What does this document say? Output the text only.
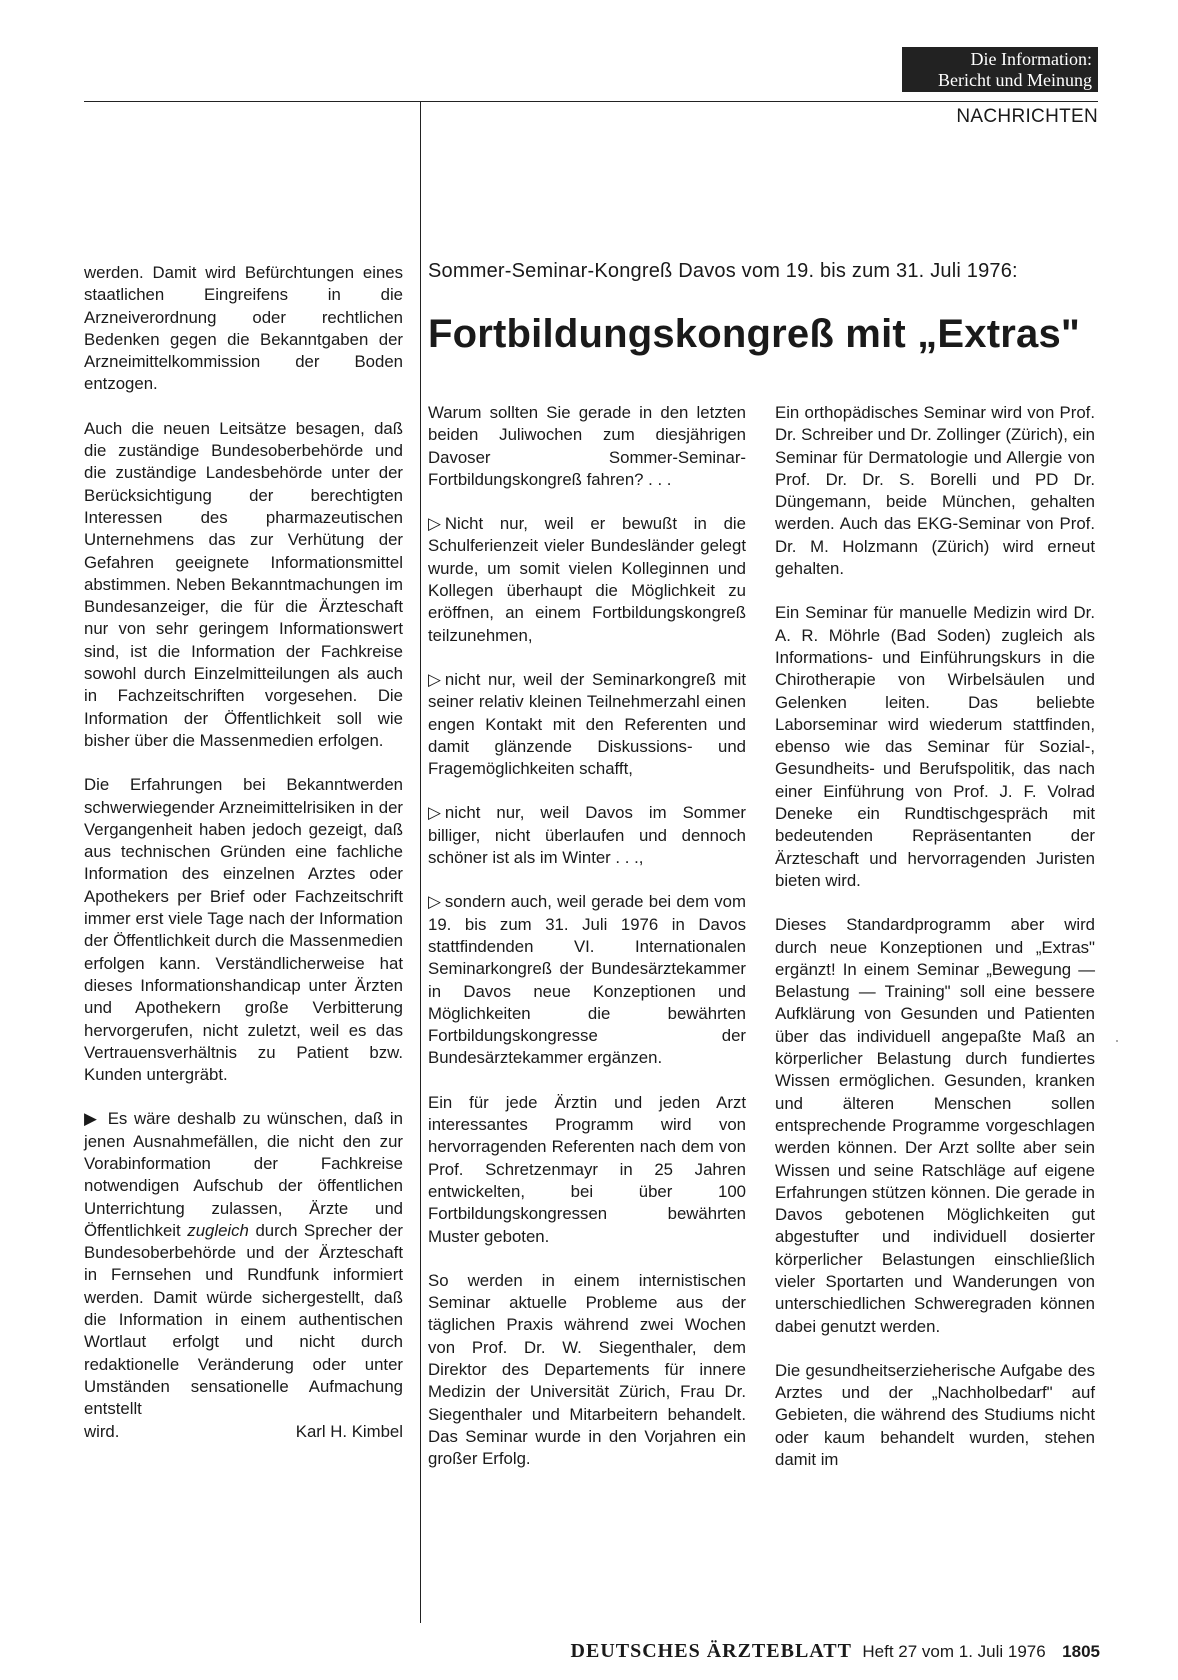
Die Information:
Bericht und Meinung
NACHRICHTEN

werden. Damit wird Befürchtungen eines staatlichen Eingreifens in die Arzneiverordnung oder rechtlichen Bedenken gegen die Bekanntgaben der Arzneimittelkommission der Boden entzogen.

Auch die neuen Leitsätze besagen, daß die zuständige Bundesoberbehörde und die zuständige Landesbehörde unter der Berücksichtigung der berechtigten Interessen des pharmazeutischen Unternehmens das zur Verhütung der Gefahren geeignete Informationsmittel abstimmen. Neben Bekanntmachungen im Bundesanzeiger, die für die Ärzteschaft nur von sehr geringem Informationswert sind, ist die Information der Fachkreise sowohl durch Einzelmitteilungen als auch in Fachzeitschriften vorgesehen. Die Information der Öffentlichkeit soll wie bisher über die Massenmedien erfolgen.

Die Erfahrungen bei Bekanntwerden schwerwiegender Arzneimittelrisiken in der Vergangenheit haben jedoch gezeigt, daß aus technischen Gründen eine fachliche Information des einzelnen Arztes oder Apothekers per Brief oder Fachzeitschrift immer erst viele Tage nach der Information der Öffentlichkeit durch die Massenmedien erfolgen kann. Verständlicherweise hat dieses Informationshandicap unter Ärzten und Apothekern große Verbitterung hervorgerufen, nicht zuletzt, weil es das Vertrauensverhältnis zu Patient bzw. Kunden untergräbt.

▶ Es wäre deshalb zu wünschen, daß in jenen Ausnahmefällen, die nicht den zur Vorabinformation der Fachkreise notwendigen Aufschub der öffentlichen Unterrichtung zulassen, Ärzte und Öffentlichkeit zugleich durch Sprecher der Bundesoberbehörde und der Ärzteschaft in Fernsehen und Rundfunk informiert werden. Damit würde sichergestellt, daß die Information in einem authentischen Wortlaut erfolgt und nicht durch redaktionelle Veränderung oder unter Umständen sensationelle Aufmachung entstellt

wird.	Karl H. Kimbel
Sommer-Seminar-Kongreß Davos vom 19. bis zum 31. Juli 1976:
Fortbildungskongreß mit „Extras"

Warum sollten Sie gerade in den letzten beiden Juliwochen zum diesjährigen Davoser Sommer-Seminar-Fortbildungskongreß fahren? . . .

▷ Nicht nur, weil er bewußt in die Schulferienzeit vieler Bundesländer gelegt wurde, um somit vielen Kolleginnen und Kollegen überhaupt die Möglichkeit zu eröffnen, an einem Fortbildungskongreß teilzunehmen,

▷ nicht nur, weil der Seminarkongreß mit seiner relativ kleinen Teilnehmerzahl einen engen Kontakt mit den Referenten und damit glänzende Diskussions- und Fragemöglichkeiten schafft,

▷ nicht nur, weil Davos im Sommer billiger, nicht überlaufen und dennoch schöner ist als im Winter . . .,

▷ sondern auch, weil gerade bei dem vom 19. bis zum 31. Juli 1976 in Davos stattfindenden VI. Internationalen Seminarkongreß der Bundesärztekammer in Davos neue Konzeptionen und Möglichkeiten die bewährten Fortbildungskongresse der Bundesärztekammer ergänzen.

Ein für jede Ärztin und jeden Arzt interessantes Programm wird von hervorragenden Referenten nach dem von Prof. Schretzenmayr in 25 Jahren entwickelten, bei über 100 Fortbildungskongressen bewährten Muster geboten.

So werden in einem internistischen Seminar aktuelle Probleme aus der täglichen Praxis während zwei Wochen von Prof. Dr. W. Siegenthaler, dem Direktor des Departements für innere Medizin der Universität Zürich, Frau Dr. Siegenthaler und Mitarbeitern behandelt. Das Seminar wurde in den Vorjahren ein großer Erfolg.

Ein orthopädisches Seminar wird von Prof. Dr. Schreiber und Dr. Zollinger (Zürich), ein Seminar für Dermatologie und Allergie von Prof. Dr. Dr. S. Borelli und PD Dr. Düngemann, beide München, gehalten werden. Auch das EKG-Seminar von Prof. Dr. M. Holzmann (Zürich) wird erneut gehalten.

Ein Seminar für manuelle Medizin wird Dr. A. R. Möhrle (Bad Soden) zugleich als Informations- und Einführungskurs in die Chirotherapie von Wirbelsäulen und Gelenken leiten. Das beliebte Laborseminar wird wiederum stattfinden, ebenso wie das Seminar für Sozial-, Gesundheits- und Berufspolitik, das nach einer Einführung von Prof. J. F. Volrad Deneke ein Rundtischgespräch mit bedeutenden Repräsentanten der Ärzteschaft und hervorragenden Juristen bieten wird.

Dieses Standardprogramm aber wird durch neue Konzeptionen und „Extras" ergänzt! In einem Seminar „Bewegung — Belastung — Training" soll eine bessere Aufklärung von Gesunden und Patienten über das individuell angepaßte Maß an körperlicher Belastung durch fundiertes Wissen ermöglichen. Gesunden, kranken und älteren Menschen sollen entsprechende Programme vorgeschlagen werden können. Der Arzt sollte aber sein Wissen und seine Ratschläge auf eigene Erfahrungen stützen können. Die gerade in Davos gebotenen Möglichkeiten gut abgestufter und individuell dosierter körperlicher Belastungen einschließlich vieler Sportarten und Wanderungen von unterschiedlichen Schweregraden können dabei genutzt werden.

Die gesundheitserzieherische Aufgabe des Arztes und der „Nachholbedarf" auf Gebieten, die während des Studiums nicht oder kaum behandelt wurden, stehen damit im

DEUTSCHES ÄRZTEBLATT Heft 27 vom 1. Juli 1976 1805
